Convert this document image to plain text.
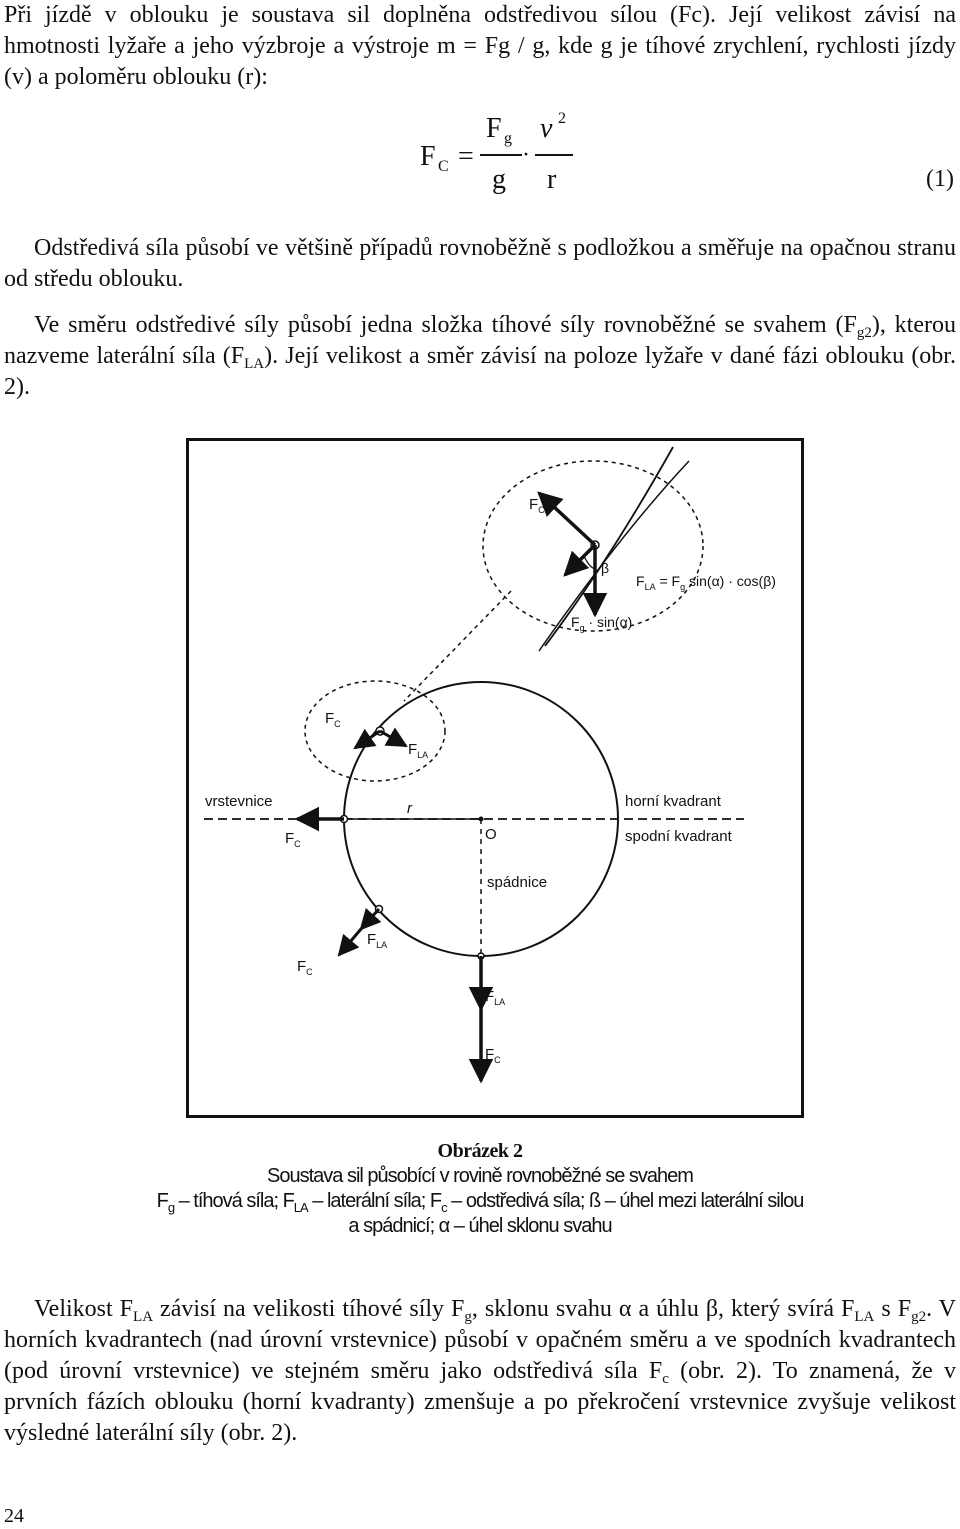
Při jízdě v oblouku je soustava sil doplněna odstředivou sílou (Fc). Její velikost závisí na hmotnosti lyžaře a jeho výzbroje a výstroje m = Fg / g, kde g je tíhové zrychlení, rychlosti jízdy (v) a poloměru oblouku (r):

F C =
F g
g
·
v 2
r	(1)

Odstředivá síla působí ve většině případů rovnoběžně s podložkou a směřuje na opačnou stranu od středu oblouku.

Ve směru odstředivé síly působí jedna složka tíhové síly rovnoběžné se svahem $(F_{g2})$, kterou nazveme laterální síla $(F_{LA})$. Její velikost a směr závisí na poloze lyžaře v dané fázi oblouku (obr. 2).

$F_C$
β
$F_{LA} = F_g$ sin(α) · cos(β)
$F_g \cdot \sin(\alpha)$
$F_C$
$F_{LA}$
$F_C$
vrstevnice	r
O
horní kvadrant
spodní kvadrant
spádnice
$F_{LA}$
$F_C$
$F_{LA}$
$F_C$
Obrázek 2
Soustava sil působící v rovině rovnoběžné se svahem
$F_g$ – tíhová síla; $F_{LA}$ – laterální síla; $F_c$ – odstředivá síla; ß – úhel mezi laterální silou
a spádnicí; α – úhel sklonu svahu

Velikost $F_{LA}$ závisí na velikosti tíhové síly $F_g$, sklonu svahu α a úhlu β, který svírá $F_{LA}$ s $F_{g2}$. V horních kvadrantech (nad úrovní vrstevnice) působí v opačném směru a ve spodních kvadrantech (pod úrovní vrstevnice) ve stejném směru jako odstředivá síla $F_c$ (obr. 2). To znamená, že v prvních fázích oblouku (horní kvadranty) zmenšuje a po překročení vrstevnice zvyšuje velikost výsledné laterální síly (obr. 2).

24
